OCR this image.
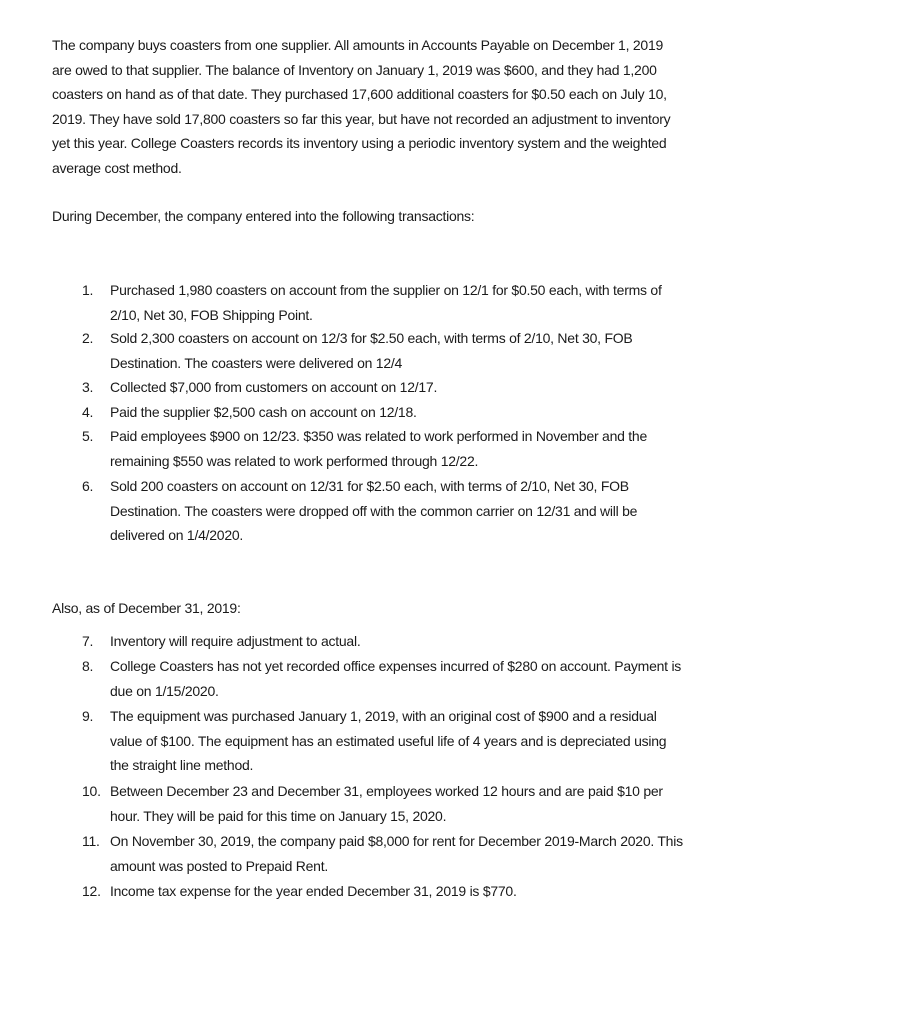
The company buys coasters from one supplier. All amounts in Accounts Payable on December 1, 2019
are owed to that supplier. The balance of Inventory on January 1, 2019 was $600, and they had 1,200
coasters on hand as of that date. They purchased 17,600 additional coasters for $0.50 each on July 10,
2019. They have sold 17,800 coasters so far this year, but have not recorded an adjustment to inventory
yet this year. College Coasters records its inventory using a periodic inventory system and the weighted
average cost method.
During December, the company entered into the following transactions:
1.	Purchased 1,980 coasters on account from the supplier on 12/1 for $0.50 each, with terms of
2/10, Net 30, FOB Shipping Point.
2.	Sold 2,300 coasters on account on 12/3 for $2.50 each, with terms of 2/10, Net 30, FOB
Destination. The coasters were delivered on 12/4
3.	Collected $7,000 from customers on account on 12/17.
4.	Paid the supplier $2,500 cash on account on 12/18.
5.	Paid employees $900 on 12/23. $350 was related to work performed in November and the
remaining $550 was related to work performed through 12/22.
6.	Sold 200 coasters on account on 12/31 for $2.50 each, with terms of 2/10, Net 30, FOB
Destination. The coasters were dropped off with the common carrier on 12/31 and will be
delivered on 1/4/2020.
Also, as of December 31, 2019:
7.	Inventory will require adjustment to actual.
8.	College Coasters has not yet recorded office expenses incurred of $280 on account. Payment is
due on 1/15/2020.
9.	The equipment was purchased January 1, 2019, with an original cost of $900 and a residual
value of $100. The equipment has an estimated useful life of 4 years and is depreciated using
the straight line method.
10. Between December 23 and December 31, employees worked 12 hours and are paid $10 per
hour. They will be paid for this time on January 15, 2020.
11. On November 30, 2019, the company paid $8,000 for rent for December 2019-March 2020. This
amount was posted to Prepaid Rent.
12. Income tax expense for the year ended December 31, 2019 is $770.
